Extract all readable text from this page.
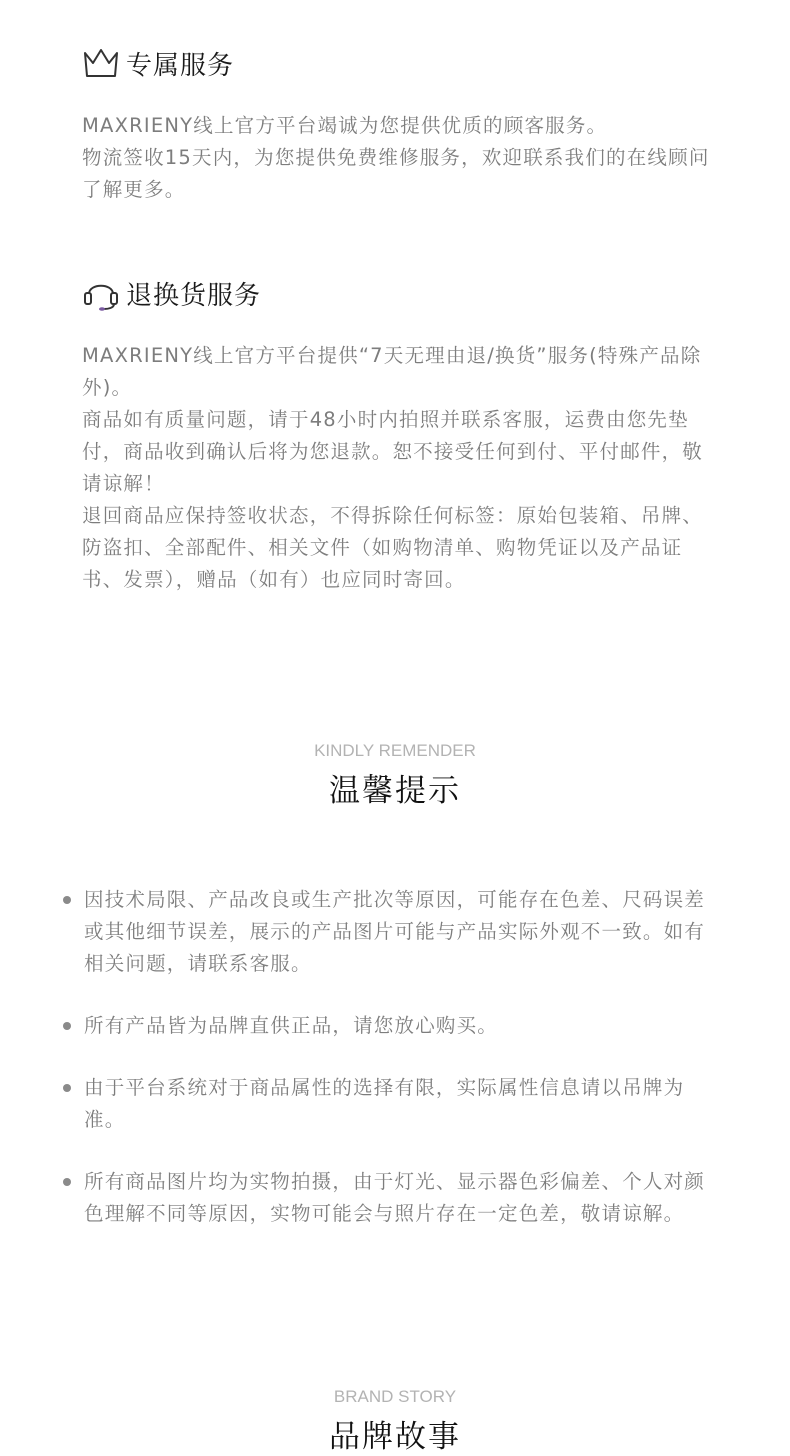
专属服务

MAXRIENY线上官方平台竭诚为您提供优质的顾客服务。

物流签收15天内，为您提供免费维修服务，欢迎联系我们的在线顾问了解更多。

退换货服务

MAXRIENY线上官方平台提供“7天无理由退/换货”服务(特殊产品除外)。

商品如有质量问题，请于48小时内拍照并联系客服，运费由您先垫付，商品收到确认后将为您退款。恕不接受任何到付、平付邮件，敬请谅解！

退回商品应保持签收状态，不得拆除任何标签：原始包装箱、吊牌、防盗扣、全部配件、相关文件（如购物清单、购物凭证以及产品证书、发票），赠品（如有）也应同时寄回。

KINDLY REMENDER
温馨提示
因技术局限、产品改良或生产批次等原因，可能存在色差、尺码误差或其他细节误差，展示的产品图片可能与产品实际外观不一致。如有相关问题，请联系客服。
所有产品皆为品牌直供正品，请您放心购买。
由于平台系统对于商品属性的选择有限，实际属性信息请以吊牌为准。
所有商品图片均为实物拍摄，由于灯光、显示器色彩偏差、个人对颜色理解不同等原因，实物可能会与照片存在一定色差，敬请谅解。
BRAND STORY
品牌故事
